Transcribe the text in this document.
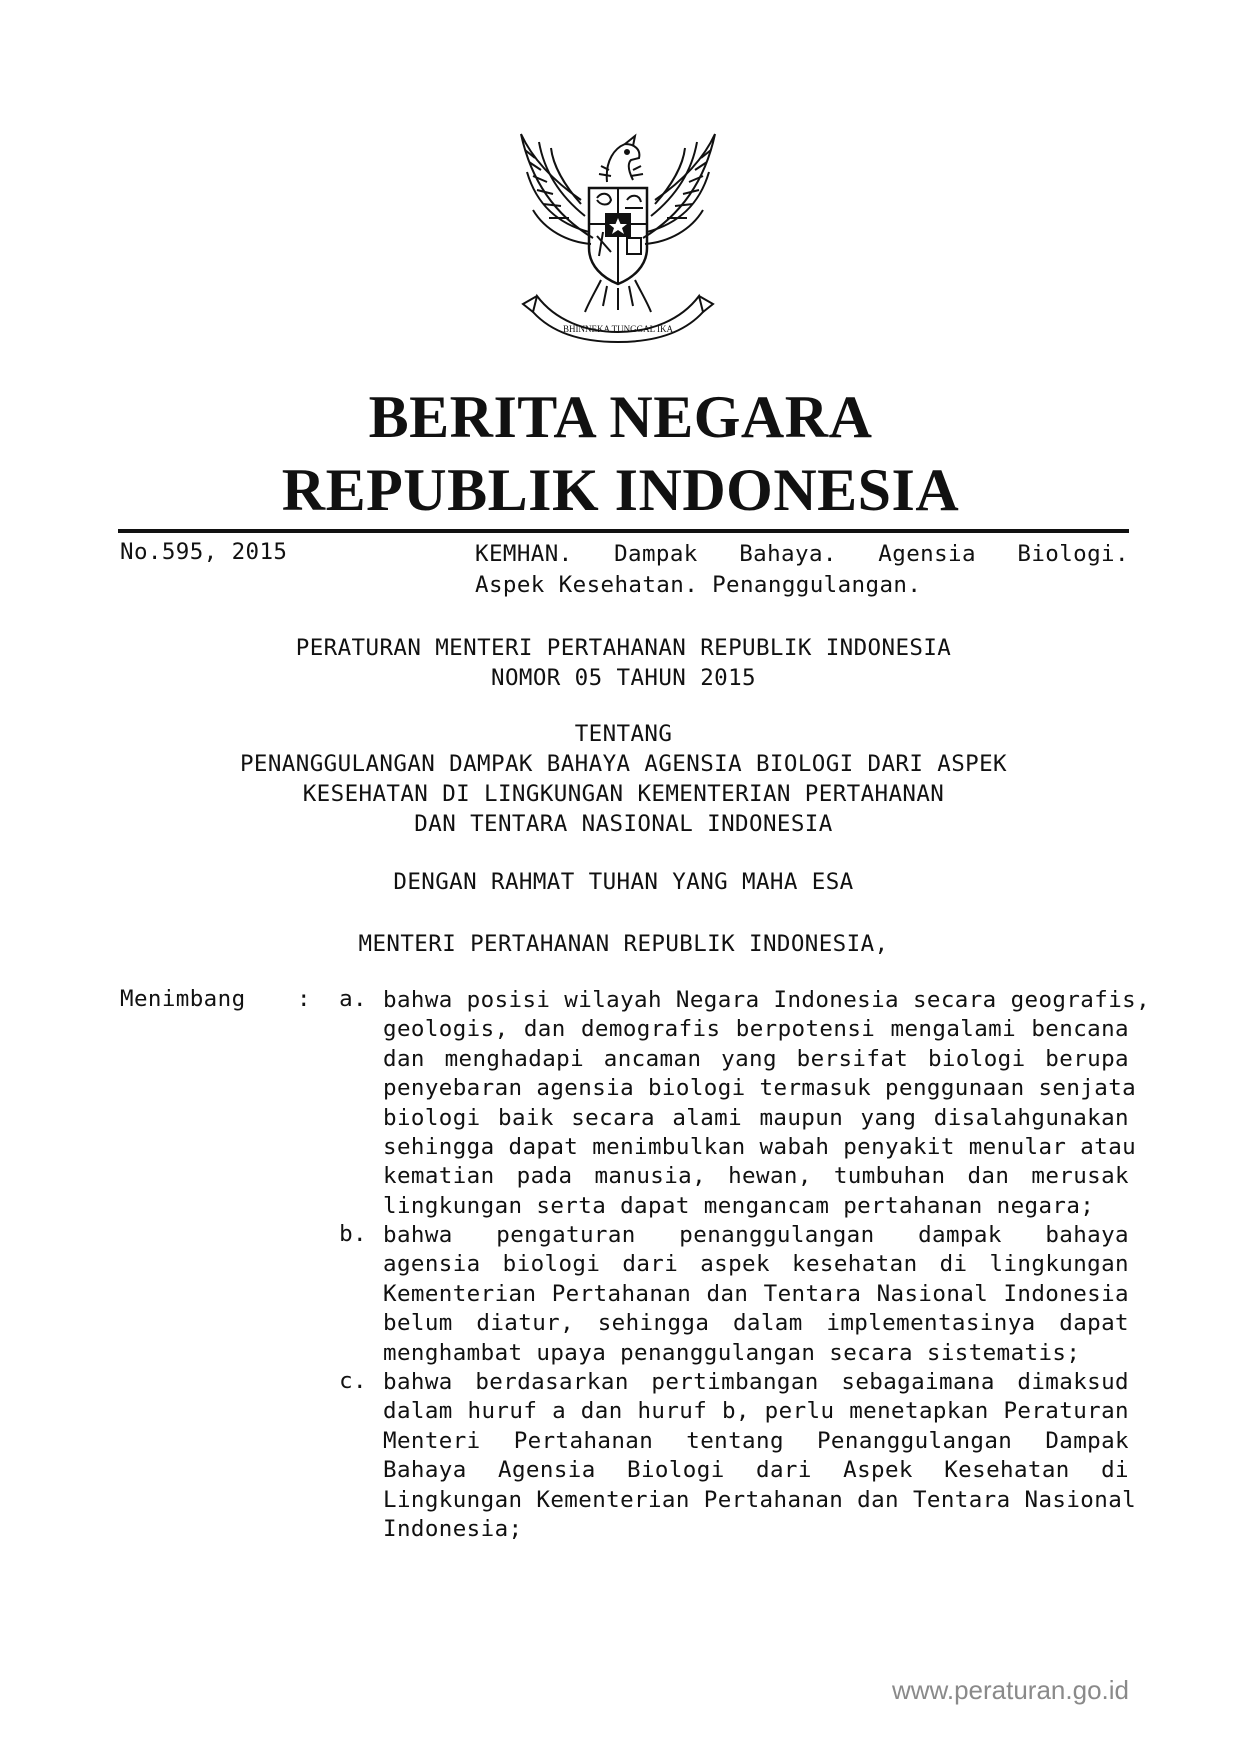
BHINNEKA TUNGGAL IKA
BERITA NEGARA
REPUBLIK INDONESIA
No.595, 2015	KEMHAN. Dampak Bahaya. Agensia Biologi.
Aspek Kesehatan. Penanggulangan.
PERATURAN MENTERI PERTAHANAN REPUBLIK INDONESIA
NOMOR 05 TAHUN 2015
TENTANG
PENANGGULANGAN DAMPAK BAHAYA AGENSIA BIOLOGI DARI ASPEK
KESEHATAN DI LINGKUNGAN KEMENTERIAN PERTAHANAN
DAN TENTARA NASIONAL INDONESIA
DENGAN RAHMAT TUHAN YANG MAHA ESA
MENTERI PERTAHANAN REPUBLIK INDONESIA,
Menimbang :	a. bahwa posisi wilayah Negara Indonesia secara geografis,
geologis, dan demografis berpotensi mengalami bencana
dan menghadapi ancaman yang bersifat biologi berupa
penyebaran agensia biologi termasuk penggunaan senjata
biologi baik secara alami maupun yang disalahgunakan
sehingga dapat menimbulkan wabah penyakit menular atau
kematian pada manusia, hewan, tumbuhan dan merusak
lingkungan serta dapat mengancam pertahanan negara;
b. bahwa pengaturan penanggulangan dampak bahaya
agensia biologi dari aspek kesehatan di lingkungan
Kementerian Pertahanan dan Tentara Nasional Indonesia
belum diatur, sehingga dalam implementasinya dapat
menghambat upaya penanggulangan secara sistematis;
c. bahwa berdasarkan pertimbangan sebagaimana dimaksud
dalam huruf a dan huruf b, perlu menetapkan Peraturan
Menteri Pertahanan tentang Penanggulangan Dampak
Bahaya Agensia Biologi dari Aspek Kesehatan di
Lingkungan Kementerian Pertahanan dan Tentara Nasional
Indonesia;
www.peraturan.go.id
